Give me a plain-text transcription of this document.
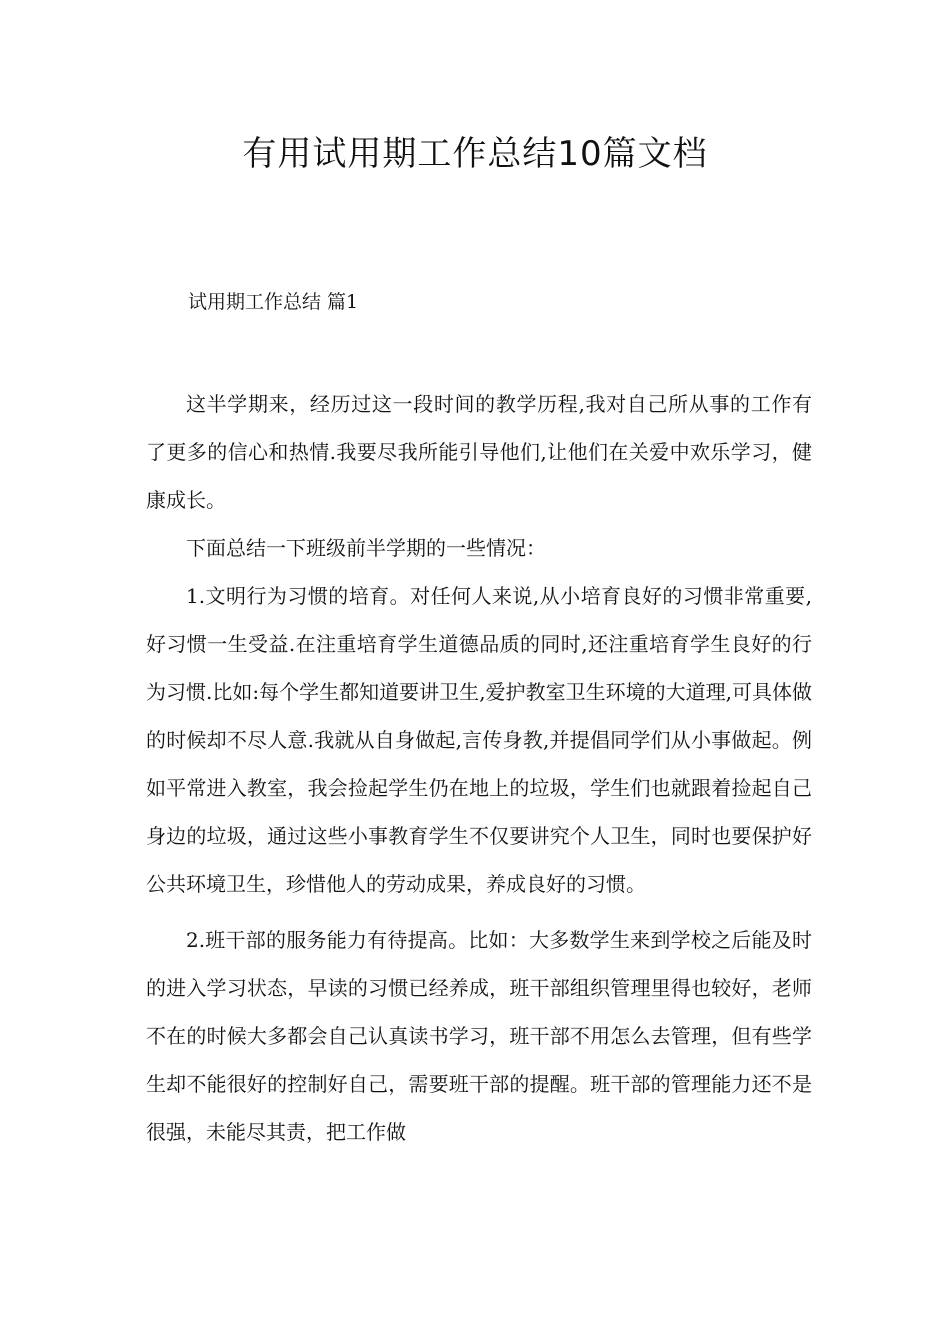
有用试用期工作总结10篇文档
试用期工作总结 篇1

这半学期来，经历过这一段时间的教学历程,我对自己所从事的工作有了更多的信心和热情.我要尽我所能引导他们,让他们在关爱中欢乐学习，健康成长。

下面总结一下班级前半学期的一些情况：

1.文明行为习惯的培育。对任何人来说,从小培育良好的习惯非常重要,好习惯一生受益.在注重培育学生道德品质的同时,还注重培育学生良好的行为习惯.比如:每个学生都知道要讲卫生,爱护教室卫生环境的大道理,可具体做的时候却不尽人意.我就从自身做起,言传身教,并提倡同学们从小事做起。例如平常进入教室，我会捡起学生仍在地上的垃圾，学生们也就跟着捡起自己身边的垃圾，通过这些小事教育学生不仅要讲究个人卫生，同时也要保护好公共环境卫生，珍惜他人的劳动成果，养成良好的习惯。

2.班干部的服务能力有待提高。比如：大多数学生来到学校之后能及时的进入学习状态，早读的习惯已经养成，班干部组织管理里得也较好，老师不在的时候大多都会自己认真读书学习，班干部不用怎么去管理，但有些学生却不能很好的控制好自己，需要班干部的提醒。班干部的管理能力还不是很强，未能尽其责，把工作做
